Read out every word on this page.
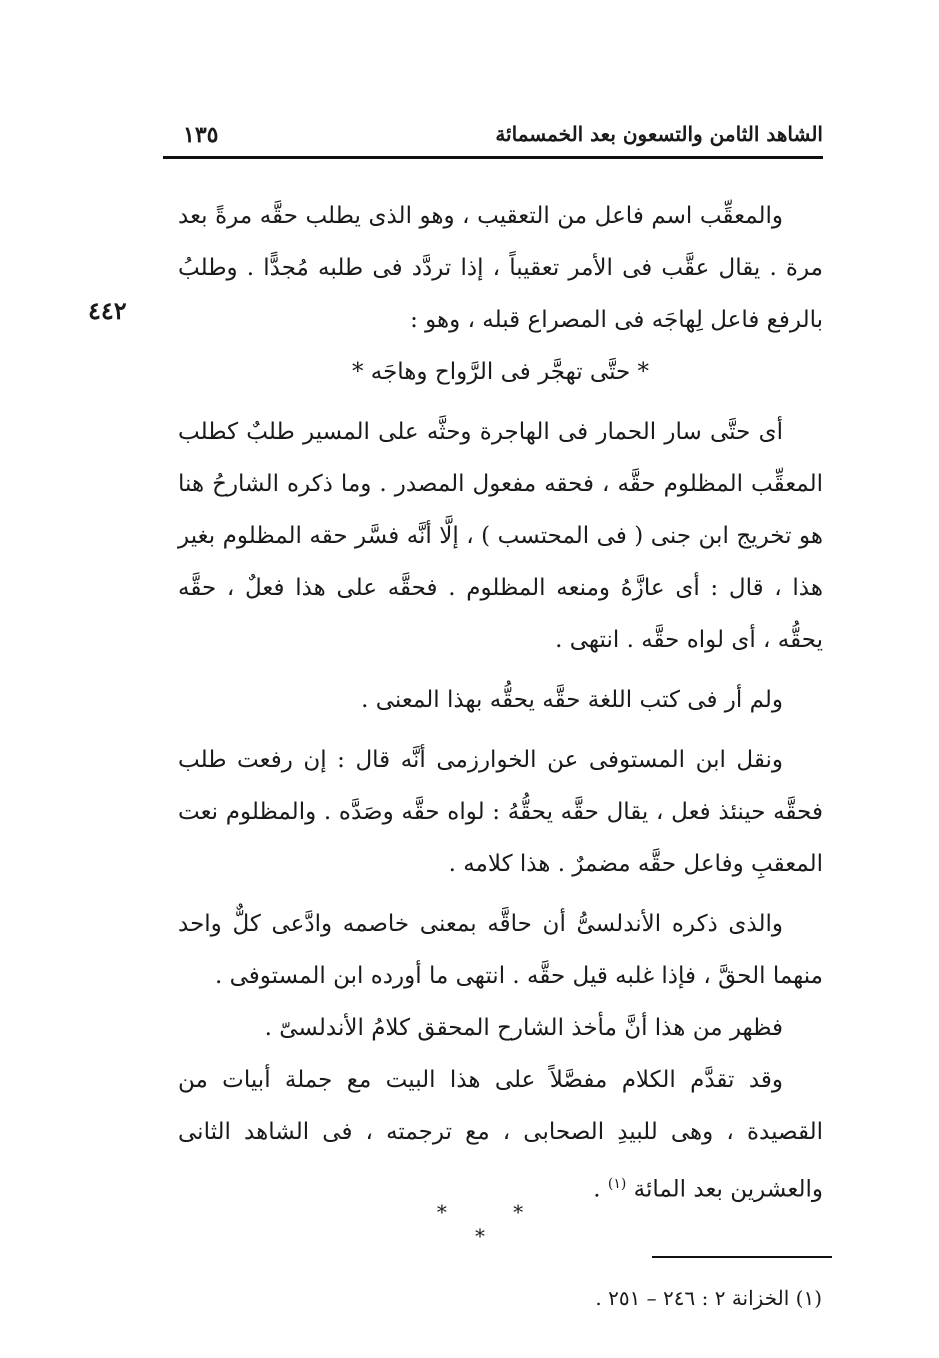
الشاهد الثامن والتسعون بعد الخمسمائة
١٣٥
٤٤٢

والمعقِّب اسم فاعل من التعقيب ، وهو الذى يطلب حقَّه مرةً بعد مرة . يقال عقَّب فى الأمر تعقيباً ، إذا تردَّد فى طلبه مُجدًّا . وطلبُ بالرفع فاعل لِهاجَه فى المصراع قبله ، وهو :

* حتَّى تهجَّر فى الرَّواح وهاجَه *

أى حتَّى سار الحمار فى الهاجرة وحثَّه على المسير طلبٌ كطلب المعقِّب المظلوم حقَّه ، فحقه مفعول المصدر . وما ذكره الشارحُ هنا هو تخريج ابن جنى ( فى المحتسب ) ، إلَّا أنَّه فسَّر حقه المظلوم بغير هذا ، قال : أى عازَّهُ ومنعه المظلوم . فحقَّه على هذا فعلٌ ، حقَّه يحقُّه ، أى لواه حقَّه . انتهى .

ولم أر فى كتب اللغة حقَّه يحقُّه بهذا المعنى .

ونقل ابن المستوفى عن الخوارزمى أنَّه قال : إن رفعت طلب فحقَّه حينئذ فعل ، يقال حقَّه يحقُّهُ : لواه حقَّه وصَدَّه . والمظلوم نعت المعقبِ وفاعل حقَّه مضمرٌ . هذا كلامه .

والذى ذكره الأندلسىُّ أن حاقَّه بمعنى خاصمه وادَّعى كلٌّ واحد منهما الحقَّ ، فإذا غلبه قيل حقَّه . انتهى ما أورده ابن المستوفى .

فظهر من هذا أنَّ مأخذ الشارح المحقق كلامُ الأندلسىّ .

وقد تقدَّم الكلام مفصَّلاً على هذا البيت مع جملة أبيات من القصيدة ، وهى للبيدِ الصحابى ، مع ترجمته ، فى الشاهد الثانى والعشرين بعد المائة $^{(١)}$ .

* * *
(١) الخزانة ٢ : ٢٤٦ – ٢٥١ .
